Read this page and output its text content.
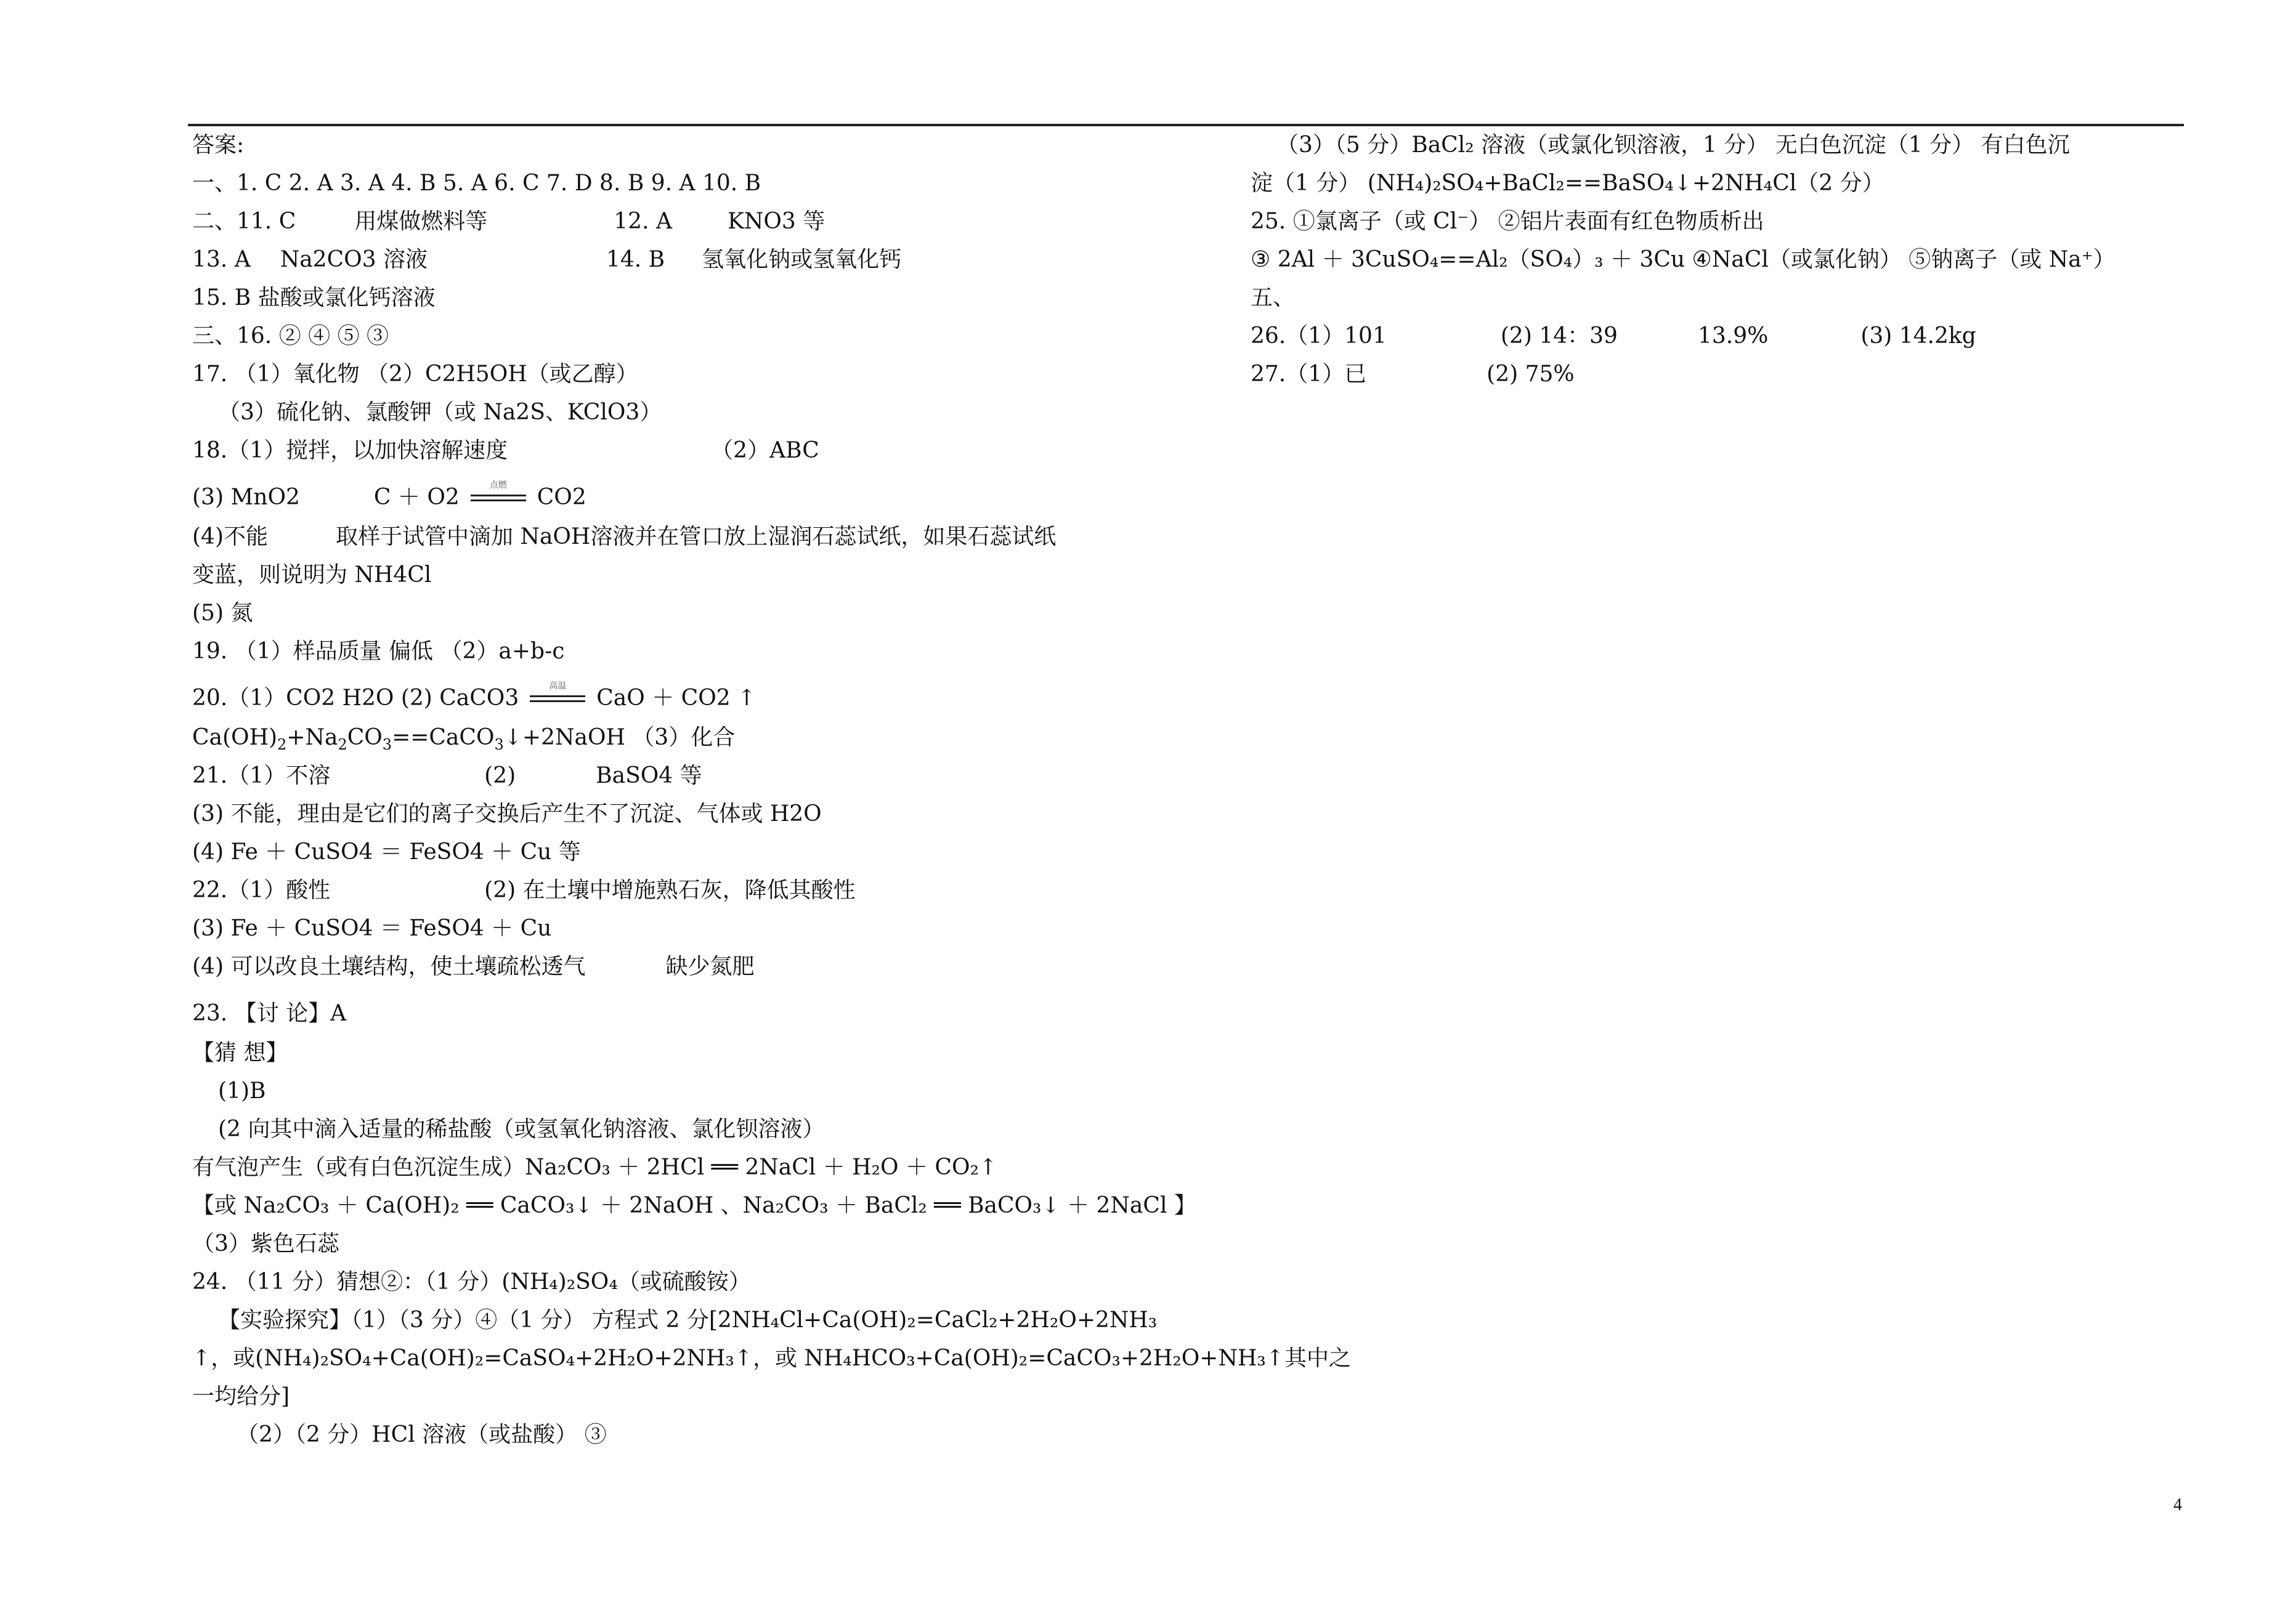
答案:
一、1. C 2. A 3. A 4. B 5. A 6. C 7. D 8. B 9. A 10. B
二、11. C	用煤做燃料等	12. A	KNO3 等
13. A Na2CO3 溶液	14. B 氢氧化钠或氢氧化钙
15. B 盐酸或氯化钙溶液
三、16. ② ④ ⑤ ③
17. （1）氧化物 （2）C2H5OH（或乙醇）
（3）硫化钠、氯酸钾（或 Na2S、KClO3）
18.（1）搅拌，以加快溶解速度	（2）ABC
(3) MnO2	C ＋ O2	点燃	CO2
(4)不能	取样于试管中滴加 NaOH溶液并在管口放上湿润石蕊试纸，如果石蕊试纸
变蓝，则说明为 NH4Cl
(5) 氮
19. （1）样品质量 偏低 （2）a+b-c
20.（1）CO2 H2O (2) CaCO3	高温	CaO ＋ CO2 ↑
$Ca(OH)_2+Na_2CO_3==CaCO_3↓+2NaOH$ （3）化合
21.（1）不溶	(2)	BaSO4 等
(3) 不能，理由是它们的离子交换后产生不了沉淀、气体或 H2O
(4) Fe ＋ CuSO4 ＝ FeSO4 ＋ Cu 等
22.（1）酸性	(2) 在土壤中增施熟石灰，降低其酸性
(3) Fe ＋ CuSO4 ＝ FeSO4 ＋ Cu
(4) 可以改良土壤结构，使土壤疏松透气	缺少氮肥
23. 【讨 论】A
【猜 想】
(1)B
(2 向其中滴入适量的稀盐酸（或氢氧化钠溶液、氯化钡溶液）
有气泡产生（或有白色沉淀生成）Na₂CO₃ ＋ 2HCl ══ 2NaCl ＋ H₂O ＋ CO₂↑
【或 Na₂CO₃ ＋ Ca(OH)₂ ══ CaCO₃↓ ＋ 2NaOH 、Na₂CO₃ ＋ BaCl₂ ══ BaCO₃↓ ＋ 2NaCl 】
（3）紫色石蕊
24. （11 分）猜想②：（1 分）(NH₄)₂SO₄（或硫酸铵）
【实验探究】（1）（3 分）④（1 分） 方程式 2 分[2NH₄Cl+Ca(OH)₂=CaCl₂+2H₂O+2NH₃
↑，或(NH₄)₂SO₄+Ca(OH)₂=CaSO₄+2H₂O+2NH₃↑，或 NH₄HCO₃+Ca(OH)₂=CaCO₃+2H₂O+NH₃↑其中之
一均给分]
（2）（2 分）HCl 溶液（或盐酸） ③
（3）（5 分）BaCl₂ 溶液（或氯化钡溶液，1 分） 无白色沉淀（1 分） 有白色沉
淀（1 分） (NH₄)₂SO₄+BaCl₂==BaSO₄↓+2NH₄Cl（2 分）
25. ①氯离子（或 Cl⁻） ②铝片表面有红色物质析出
③ 2Al ＋ 3CuSO₄==Al₂（SO₄）₃ ＋ 3Cu ④NaCl（或氯化钠） ⑤钠离子（或 Na⁺）
五、
26.（1）101	(2) 14：39	13.9%	(3) 14.2kg
27.（1）已	(2) 75%
4
